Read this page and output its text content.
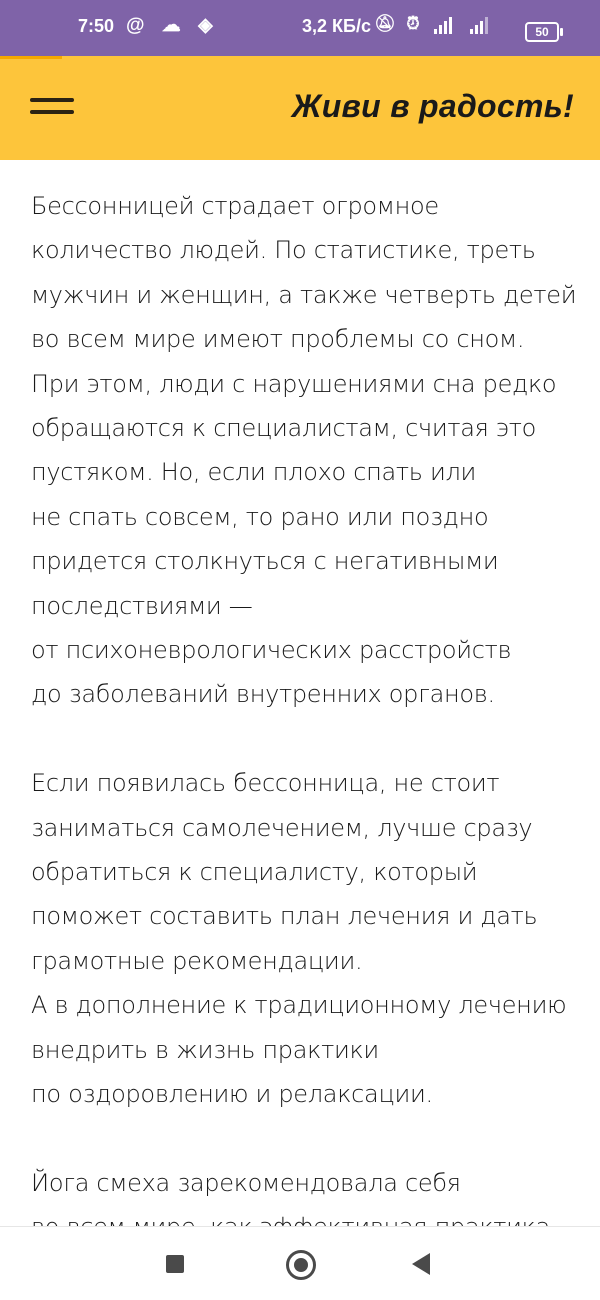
7:50 @ ☁ ◈	3,2 КБ/с 🔕︎ ⏰︎
	50
Живи в радость!

Бессонницей страдает огромное
количество людей. По статистике, треть
мужчин и женщин, а также четверть детей
во всем мире имеют проблемы со сном.
При этом, люди с нарушениями сна редко
обращаются к специалистам, считая это
пустяком. Но, если плохо спать или
не спать совсем, то рано или поздно
придется столкнуться с негативными
последствиями —
от психоневрологических расстройств
до заболеваний внутренних органов.

Если появилась бессонница, не стоит
заниматься самолечением, лучше сразу
обратиться к специалисту, который
поможет составить план лечения и дать
грамотные рекомендации.
А в дополнение к традиционному лечению
внедрить в жизнь практики
по оздоровлению и релаксации.

Йога смеха зарекомендовала себя
